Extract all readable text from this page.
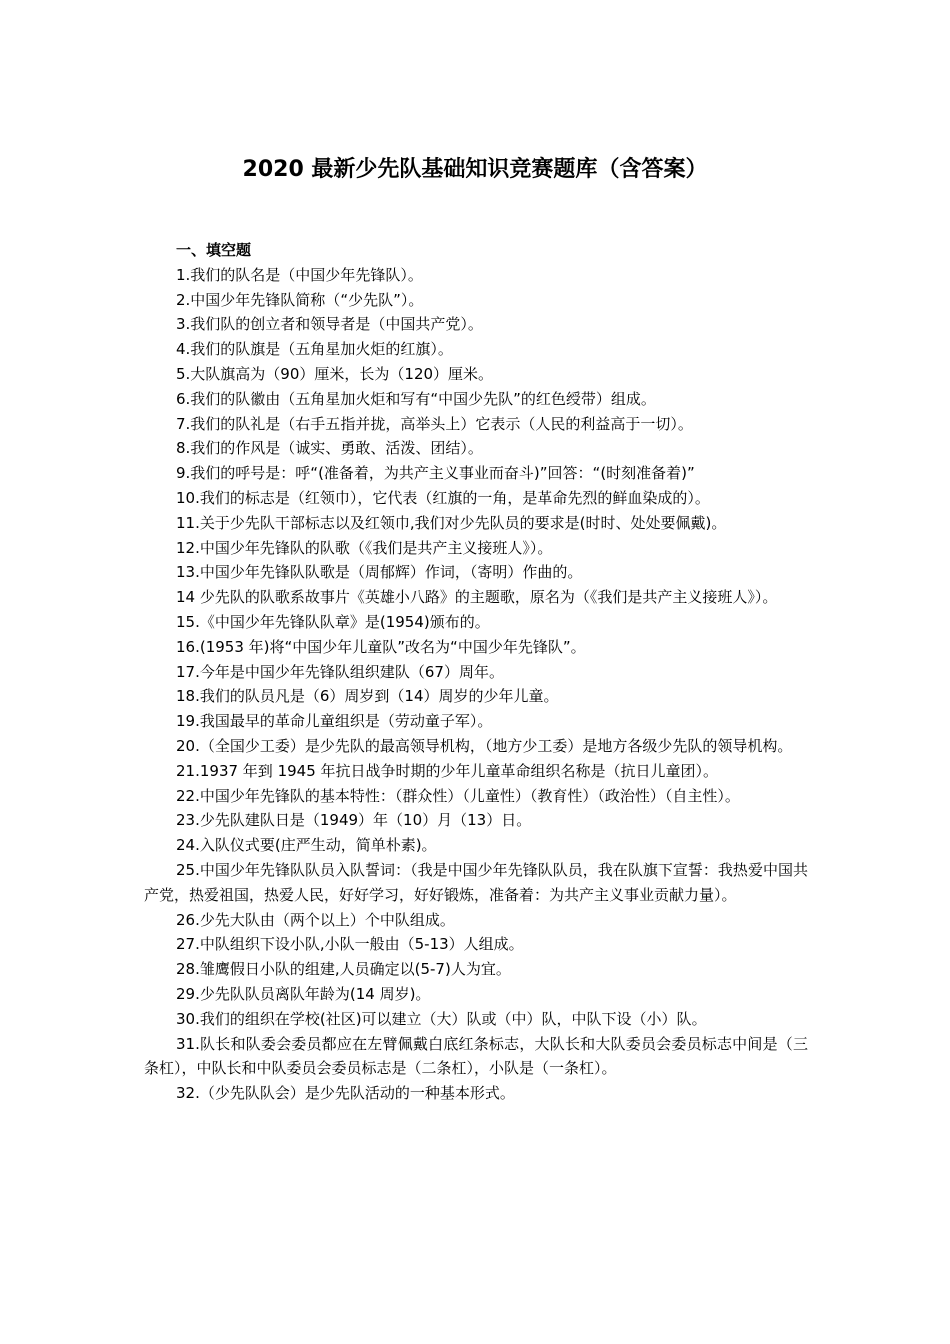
2020 最新少先队基础知识竞赛题库（含答案）

一、填空题

1.我们的队名是（中国少年先锋队）。

2.中国少年先锋队简称（“少先队”）。

3.我们队的创立者和领导者是（中国共产党）。

4.我们的队旗是（五角星加火炬的红旗）。

5.大队旗高为（90）厘米，长为（120）厘米。

6.我们的队徽由（五角星加火炬和写有“中国少先队”的红色绶带）组成。

7.我们的队礼是（右手五指并拢，高举头上）它表示（人民的利益高于一切）。

8.我们的作风是（诚实、勇敢、活泼、团结）。

9.我们的呼号是：呼“(准备着，为共产主义事业而奋斗)”回答：“(时刻准备着)”

10.我们的标志是（红领巾），它代表（红旗的一角，是革命先烈的鲜血染成的）。

11.关于少先队干部标志以及红领巾,我们对少先队员的要求是(时时、处处要佩戴)。

12.中国少年先锋队的队歌（《我们是共产主义接班人》）。

13.中国少年先锋队队歌是（周郁辉）作词，（寄明）作曲的。

14 少先队的队歌系故事片《英雄小八路》的主题歌，原名为（《我们是共产主义接班人》）。

15.《中国少年先锋队队章》是(1954)颁布的。

16.(1953 年)将“中国少年儿童队”改名为“中国少年先锋队”。

17.今年是中国少年先锋队组织建队（67）周年。

18.我们的队员凡是（6）周岁到（14）周岁的少年儿童。

19.我国最早的革命儿童组织是（劳动童子军）。

20.（全国少工委）是少先队的最高领导机构，（地方少工委）是地方各级少先队的领导机构。

21.1937 年到 1945 年抗日战争时期的少年儿童革命组织名称是（抗日儿童团）。

22.中国少年先锋队的基本特性：（群众性）（儿童性）（教育性）（政治性）（自主性）。

23.少先队建队日是（1949）年（10）月（13）日。

24.入队仪式要(庄严生动，简单朴素)。

25.中国少年先锋队队员入队誓词：（我是中国少年先锋队队员，我在队旗下宣誓：我热爱中国共产党，热爱祖国，热爱人民，好好学习，好好锻炼，准备着：为共产主义事业贡献力量）。

26.少先大队由（两个以上）个中队组成。

27.中队组织下设小队,小队一般由（5-13）人组成。

28.雏鹰假日小队的组建,人员确定以(5-7)人为宜。

29.少先队队员离队年龄为(14 周岁)。

30.我们的组织在学校(社区)可以建立（大）队或（中）队，中队下设（小）队。

31.队长和队委会委员都应在左臂佩戴白底红条标志，大队长和大队委员会委员标志中间是（三条杠），中队长和中队委员会委员标志是（二条杠），小队是（一条杠）。

32.（少先队队会）是少先队活动的一种基本形式。
